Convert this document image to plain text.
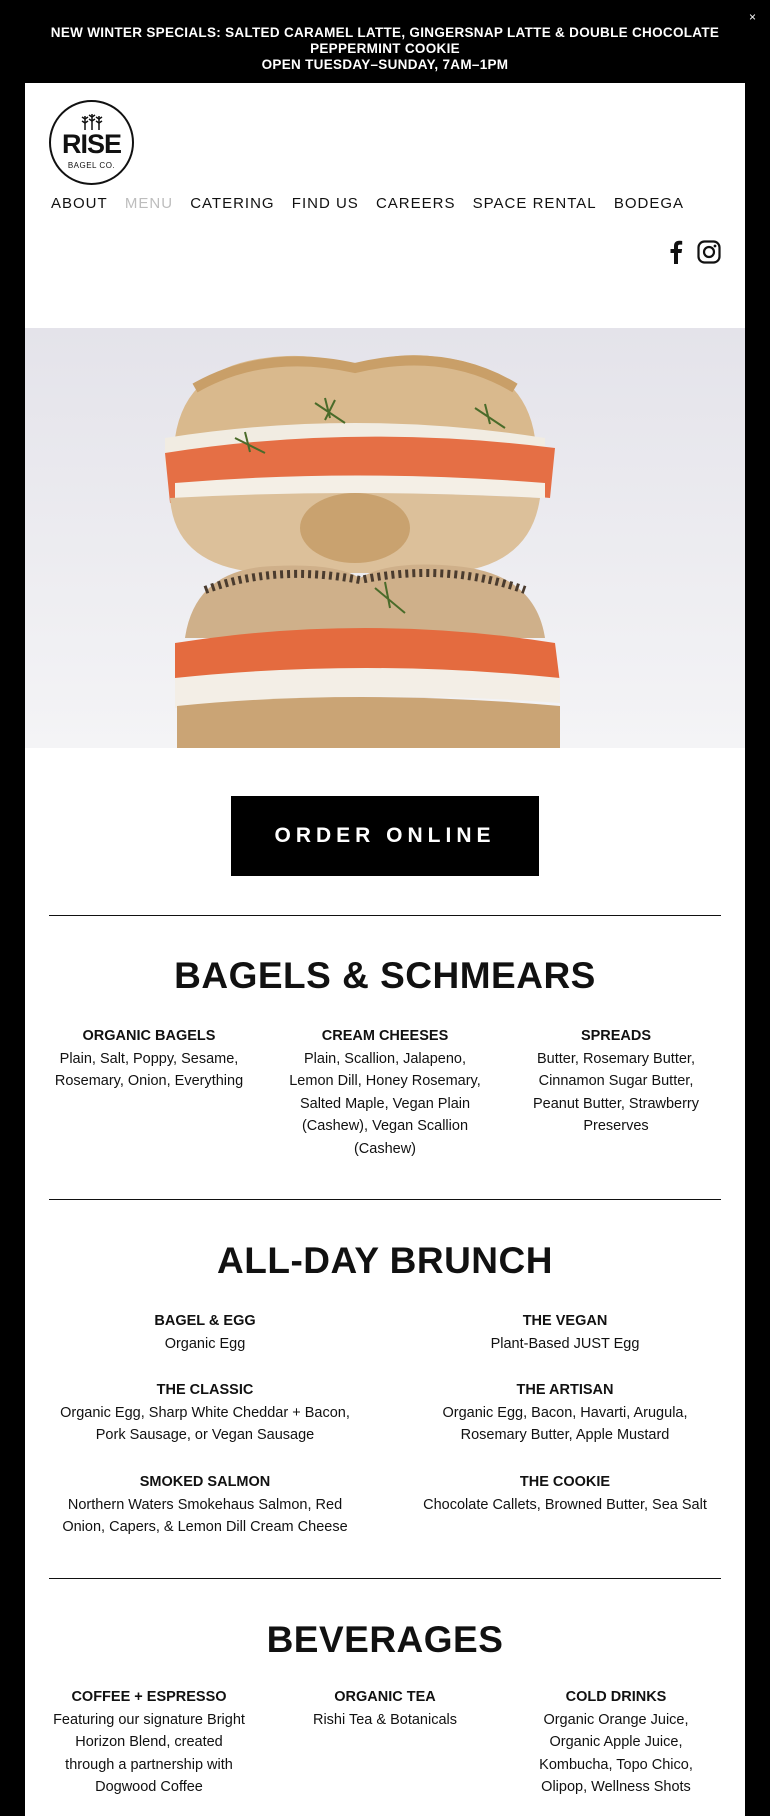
NEW WINTER SPECIALS: SALTED CARAMEL LATTE, GINGERSNAP LATTE & DOUBLE CHOCOLATE
PEPPERMINT COOKIE
OPEN TUESDAY–SUNDAY, 7AM–1PM
×
RISE
BAGEL CO.
ABOUT MENU CATERING FIND US CAREERS SPACE RENTAL BODEGA

ORDER ONLINE
BAGELS & SCHMEARS
ORGANIC BAGELS
Plain, Salt, Poppy, Sesame, Rosemary, Onion, Everything
CREAM CHEESES
Plain, Scallion, Jalapeno, Lemon Dill, Honey Rosemary, Salted Maple, Vegan Plain (Cashew), Vegan Scallion (Cashew)
SPREADS
Butter, Rosemary Butter, Cinnamon Sugar Butter, Peanut Butter, Strawberry Preserves
ALL-DAY BRUNCH
BAGEL & EGG
Organic Egg
THE VEGAN
Plant-Based JUST Egg
THE CLASSIC
Organic Egg, Sharp White Cheddar + Bacon, Pork Sausage, or Vegan Sausage
THE ARTISAN
Organic Egg, Bacon, Havarti, Arugula, Rosemary Butter, Apple Mustard
SMOKED SALMON
Northern Waters Smokehaus Salmon, Red Onion, Capers, & Lemon Dill Cream Cheese
THE COOKIE
Chocolate Callets, Browned Butter, Sea Salt
BEVERAGES
COFFEE + ESPRESSO
Featuring our signature Bright Horizon Blend, created through a partnership with Dogwood Coffee
ORGANIC TEA
Rishi Tea & Botanicals
COLD DRINKS
Organic Orange Juice, Organic Apple Juice, Kombucha, Topo Chico, Olipop, Wellness Shots
